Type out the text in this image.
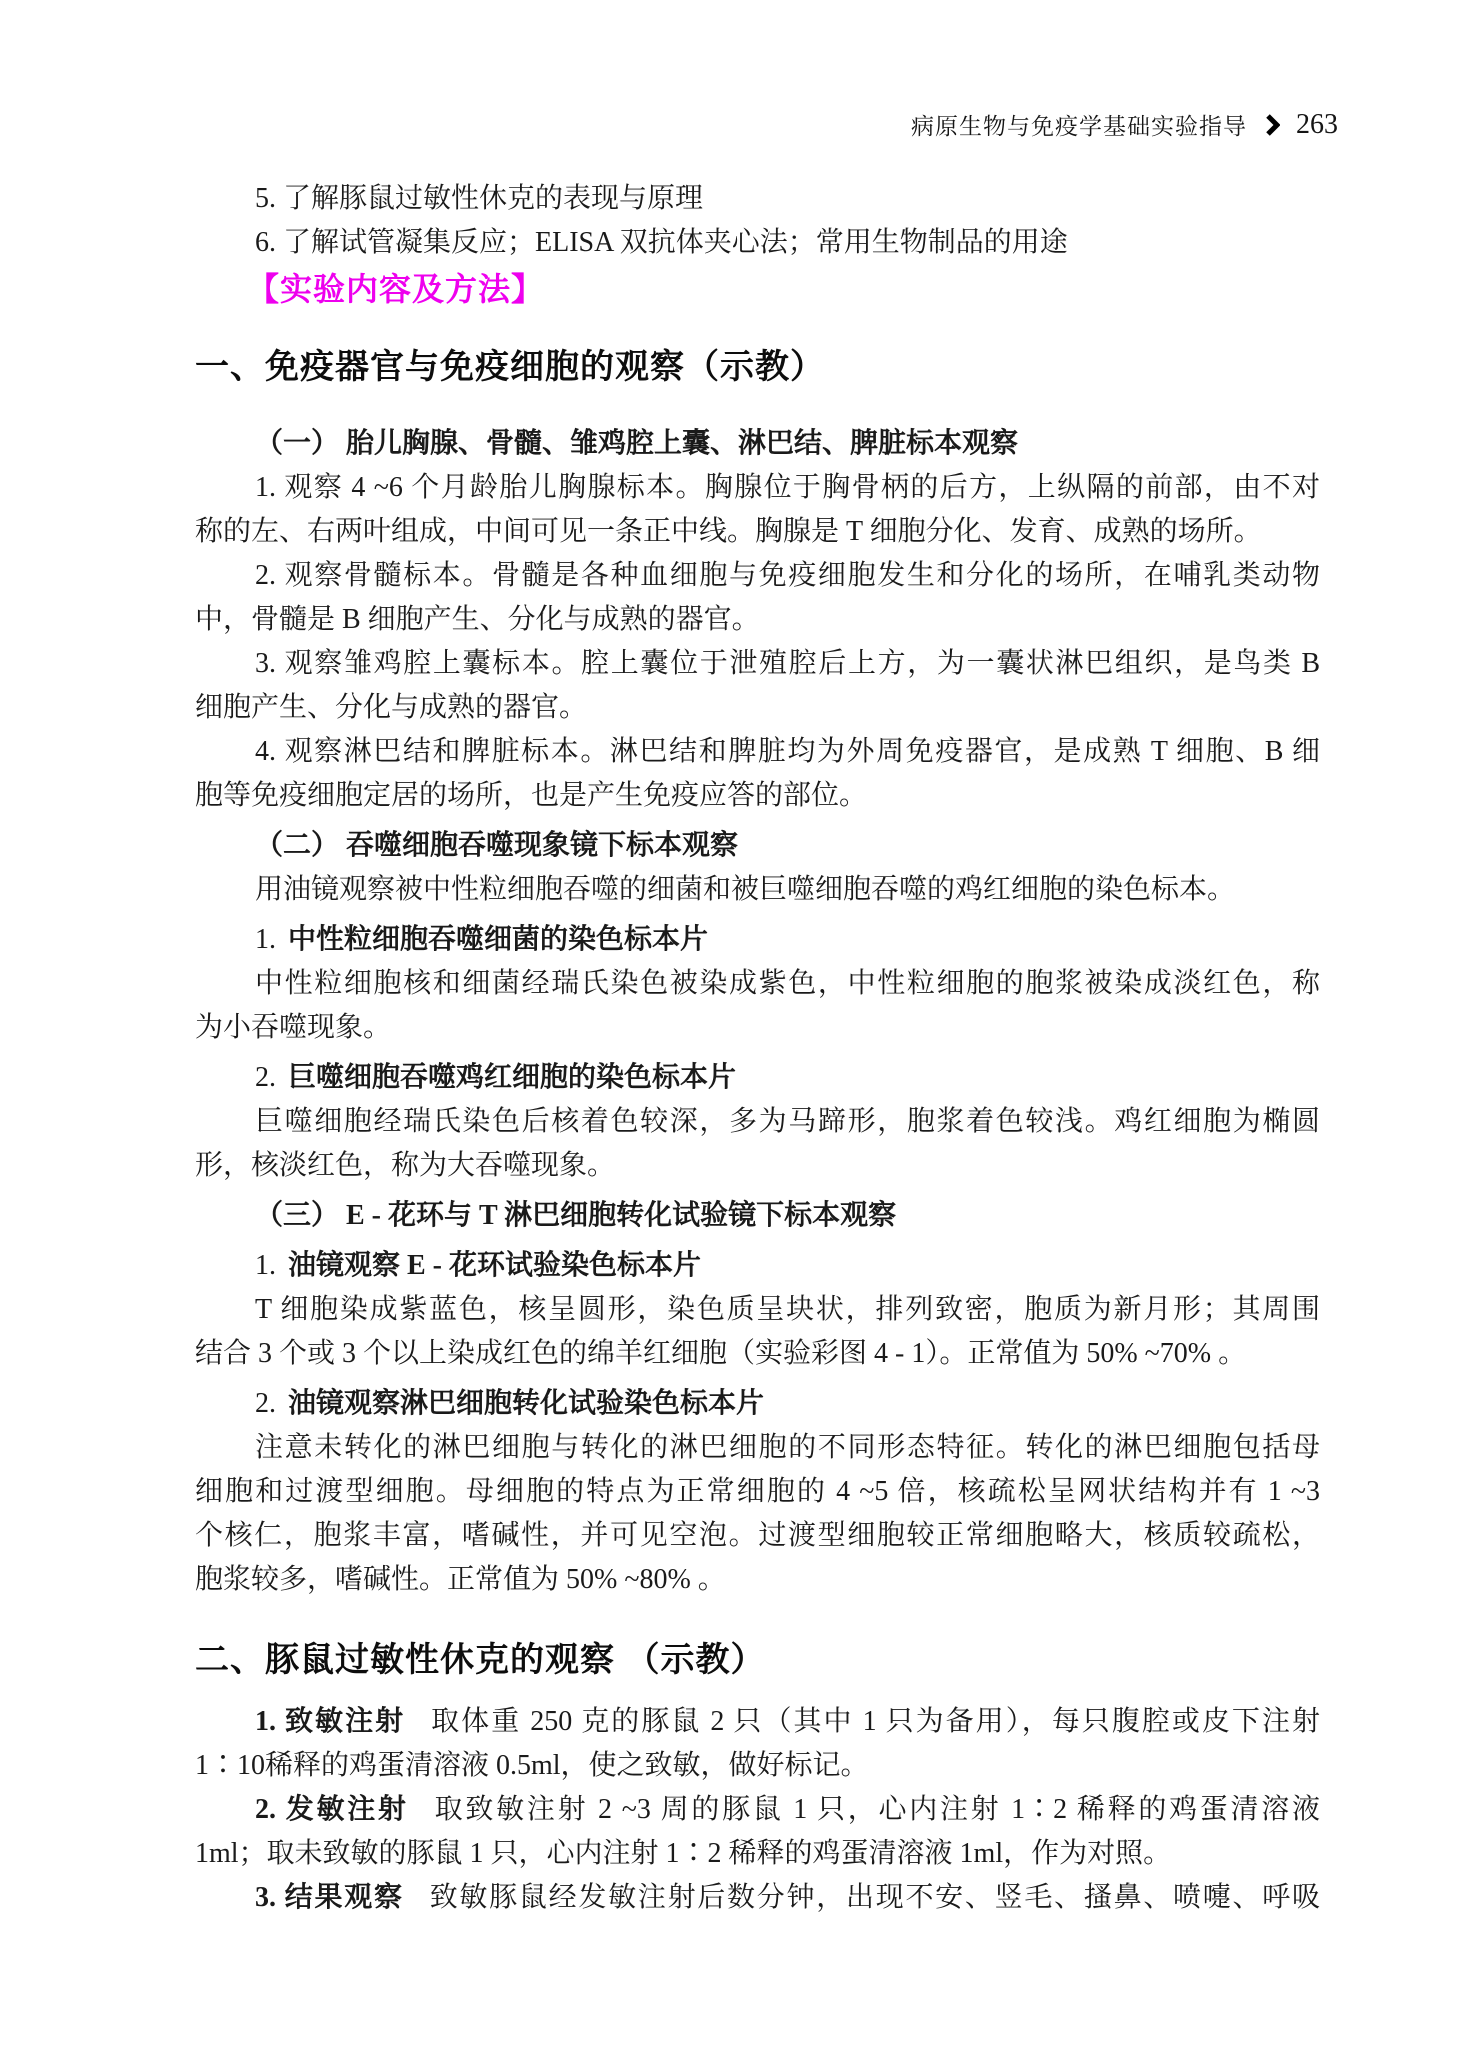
病原生物与免疫学基础实验指导 263
5. 了解豚鼠过敏性休克的表现与原理
6. 了解试管凝集反应；ELISA 双抗体夹心法；常用生物制品的用途
【实验内容及方法】
一、免疫器官与免疫细胞的观察（示教）
（一） 胎儿胸腺、骨髓、雏鸡腔上囊、淋巴结、脾脏标本观察
1. 观察 4 ~6 个月龄胎儿胸腺标本。胸腺位于胸骨柄的后方，上纵隔的前部，由不对
称的左、右两叶组成，中间可见一条正中线。胸腺是 T 细胞分化、发育、成熟的场所。
2. 观察骨髓标本。骨髓是各种血细胞与免疫细胞发生和分化的场所，在哺乳类动物
中，骨髓是 B 细胞产生、分化与成熟的器官。
3. 观察雏鸡腔上囊标本。腔上囊位于泄殖腔后上方，为一囊状淋巴组织，是鸟类 B
细胞产生、分化与成熟的器官。
4. 观察淋巴结和脾脏标本。淋巴结和脾脏均为外周免疫器官，是成熟 T 细胞、B 细
胞等免疫细胞定居的场所，也是产生免疫应答的部位。
（二） 吞噬细胞吞噬现象镜下标本观察
用油镜观察被中性粒细胞吞噬的细菌和被巨噬细胞吞噬的鸡红细胞的染色标本。
1. 中性粒细胞吞噬细菌的染色标本片
中性粒细胞核和细菌经瑞氏染色被染成紫色，中性粒细胞的胞浆被染成淡红色，称
为小吞噬现象。
2. 巨噬细胞吞噬鸡红细胞的染色标本片
巨噬细胞经瑞氏染色后核着色较深，多为马蹄形，胞浆着色较浅。鸡红细胞为椭圆
形，核淡红色，称为大吞噬现象。
（三） E - 花环与 T 淋巴细胞转化试验镜下标本观察
1. 油镜观察 E - 花环试验染色标本片
T 细胞染成紫蓝色，核呈圆形，染色质呈块状，排列致密，胞质为新月形；其周围
结合 3 个或 3 个以上染成红色的绵羊红细胞（实验彩图 4 - 1）。正常值为 50% ~70% 。
2. 油镜观察淋巴细胞转化试验染色标本片
注意未转化的淋巴细胞与转化的淋巴细胞的不同形态特征。转化的淋巴细胞包括母
细胞和过渡型细胞。母细胞的特点为正常细胞的 4 ~5 倍，核疏松呈网状结构并有 1 ~3
个核仁，胞浆丰富，嗜碱性，并可见空泡。过渡型细胞较正常细胞略大，核质较疏松，
胞浆较多，嗜碱性。正常值为 50% ~80% 。
二、豚鼠过敏性休克的观察 （示教）
1. 致敏注射 取体重 250 克的豚鼠 2 只（其中 1 只为备用），每只腹腔或皮下注射
1∶10稀释的鸡蛋清溶液 0.5ml，使之致敏，做好标记。
2. 发敏注射 取致敏注射 2 ~3 周的豚鼠 1 只，心内注射 1∶2 稀释的鸡蛋清溶液
1ml；取未致敏的豚鼠 1 只，心内注射 1∶2 稀释的鸡蛋清溶液 1ml，作为对照。
3. 结果观察 致敏豚鼠经发敏注射后数分钟，出现不安、竖毛、搔鼻、喷嚏、呼吸
